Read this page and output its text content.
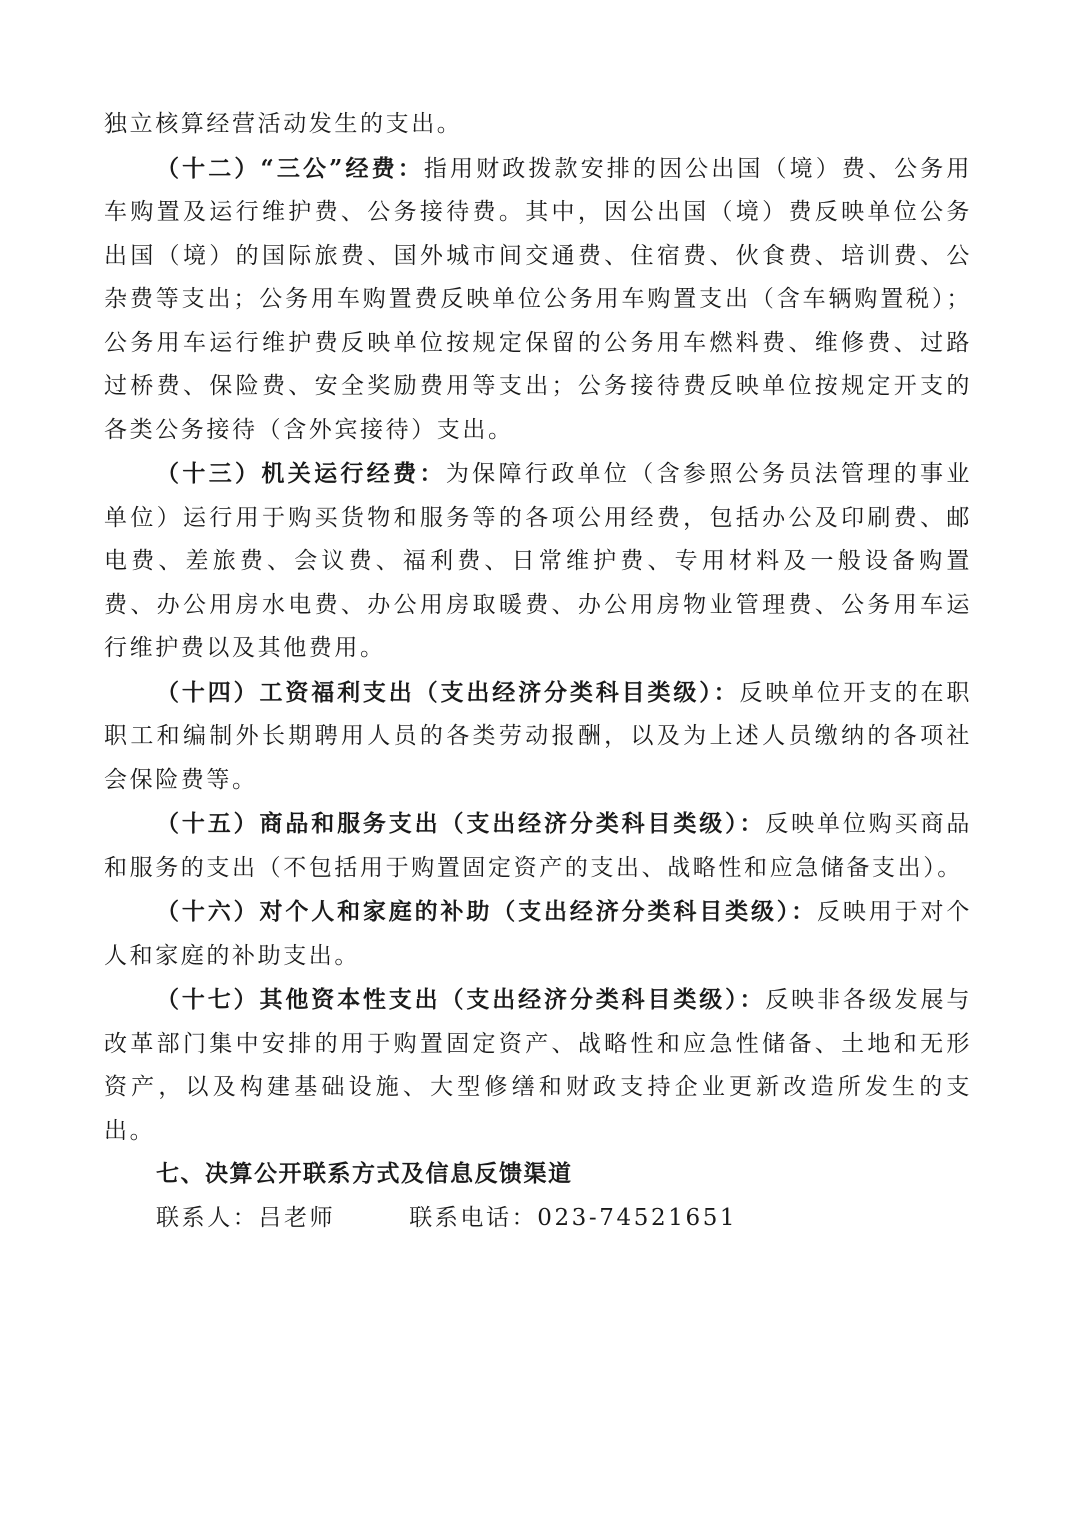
独立核算经营活动发生的支出。

（十二）“三公”经费：指用财政拨款安排的因公出国（境）费、公务用车购置及运行维护费、公务接待费。其中，因公出国（境）费反映单位公务出国（境）的国际旅费、国外城市间交通费、住宿费、伙食费、培训费、公杂费等支出；公务用车购置费反映单位公务用车购置支出（含车辆购置税）；公务用车运行维护费反映单位按规定保留的公务用车燃料费、维修费、过路过桥费、保险费、安全奖励费用等支出；公务接待费反映单位按规定开支的各类公务接待（含外宾接待）支出。

（十三）机关运行经费：为保障行政单位（含参照公务员法管理的事业单位）运行用于购买货物和服务等的各项公用经费，包括办公及印刷费、邮电费、差旅费、会议费、福利费、日常维护费、专用材料及一般设备购置费、办公用房水电费、办公用房取暖费、办公用房物业管理费、公务用车运行维护费以及其他费用。

（十四）工资福利支出（支出经济分类科目类级）：反映单位开支的在职职工和编制外长期聘用人员的各类劳动报酬，以及为上述人员缴纳的各项社会保险费等。

（十五）商品和服务支出（支出经济分类科目类级）：反映单位购买商品和服务的支出（不包括用于购置固定资产的支出、战略性和应急储备支出）。

（十六）对个人和家庭的补助（支出经济分类科目类级）：反映用于对个人和家庭的补助支出。

（十七）其他资本性支出（支出经济分类科目类级）：反映非各级发展与改革部门集中安排的用于购置固定资产、战略性和应急性储备、土地和无形资产，以及构建基础设施、大型修缮和财政支持企业更新改造所发生的支出。

七、决算公开联系方式及信息反馈渠道

联系人：吕老师	联系电话：023-74521651
